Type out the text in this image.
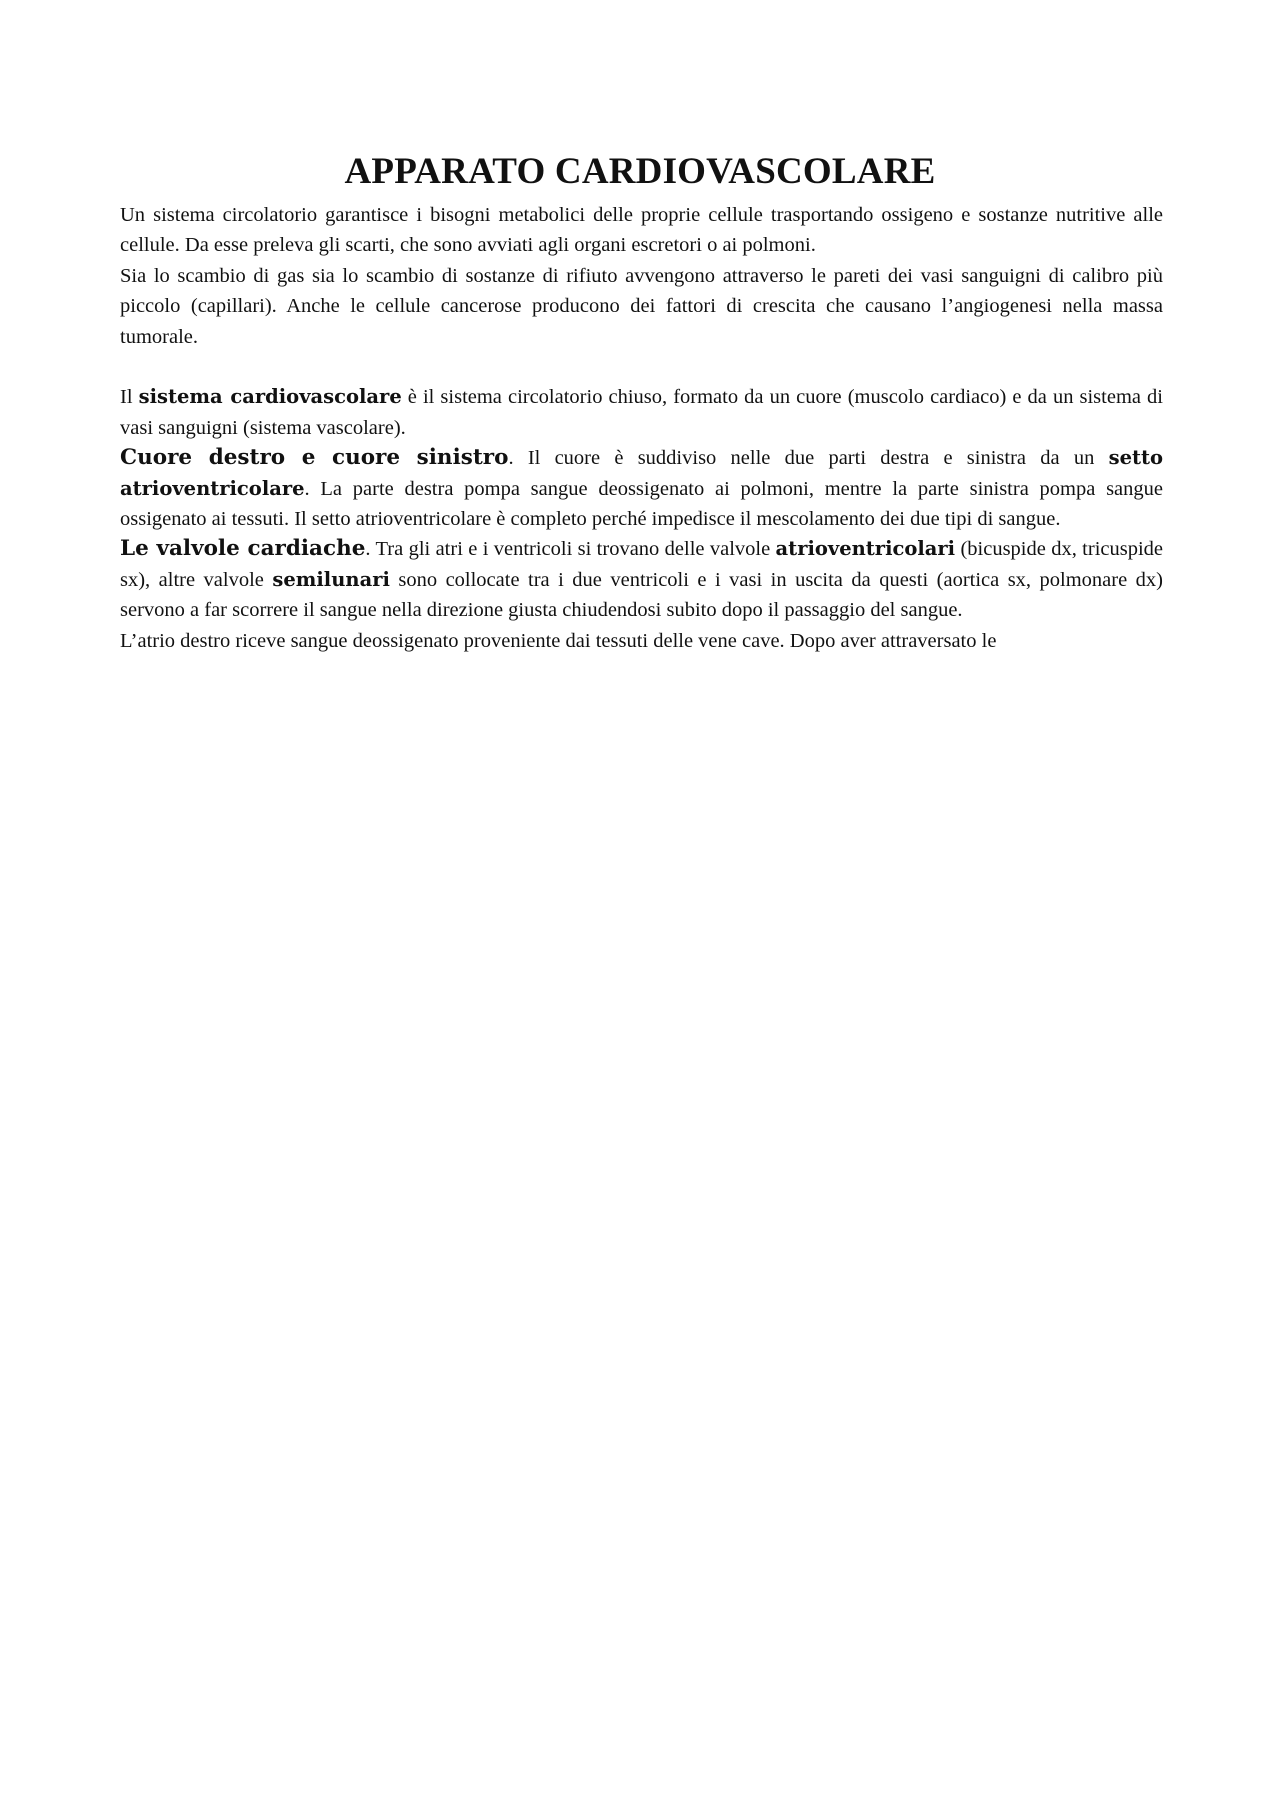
APPARATO CARDIOVASCOLARE

Un sistema circolatorio garantisce i bisogni metabolici delle proprie cellule trasportando ossigeno e sostanze nutritive alle cellule. Da esse preleva gli scarti, che sono avviati agli organi escretori o ai polmoni.

Sia lo scambio di gas sia lo scambio di sostanze di rifiuto avvengono attraverso le pareti dei vasi sanguigni di calibro più piccolo (capillari). Anche le cellule cancerose producono dei fattori di crescita che causano l’angiogenesi nella massa tumorale.

Il sistema cardiovascolare è il sistema circolatorio chiuso, formato da un cuore (muscolo cardiaco) e da un sistema di vasi sanguigni (sistema vascolare).

Cuore destro e cuore sinistro. Il cuore è suddiviso nelle due parti destra e sinistra da un setto atrioventricolare. La parte destra pompa sangue deossigenato ai polmoni, mentre la parte sinistra pompa sangue ossigenato ai tessuti. Il setto atrioventricolare è completo perché impedisce il mescolamento dei due tipi di sangue.

Le valvole cardiache. Tra gli atri e i ventricoli si trovano delle valvole atrioventricolari (bicuspide dx, tricuspide sx), altre valvole semilunari sono collocate tra i due ventricoli e i vasi in uscita da questi (aortica sx, polmonare dx) servono a far scorrere il sangue nella direzione giusta chiudendosi subito dopo il passaggio del sangue.

L’atrio destro riceve sangue deossigenato proveniente dai tessuti delle vene cave. Dopo aver attraversato le
